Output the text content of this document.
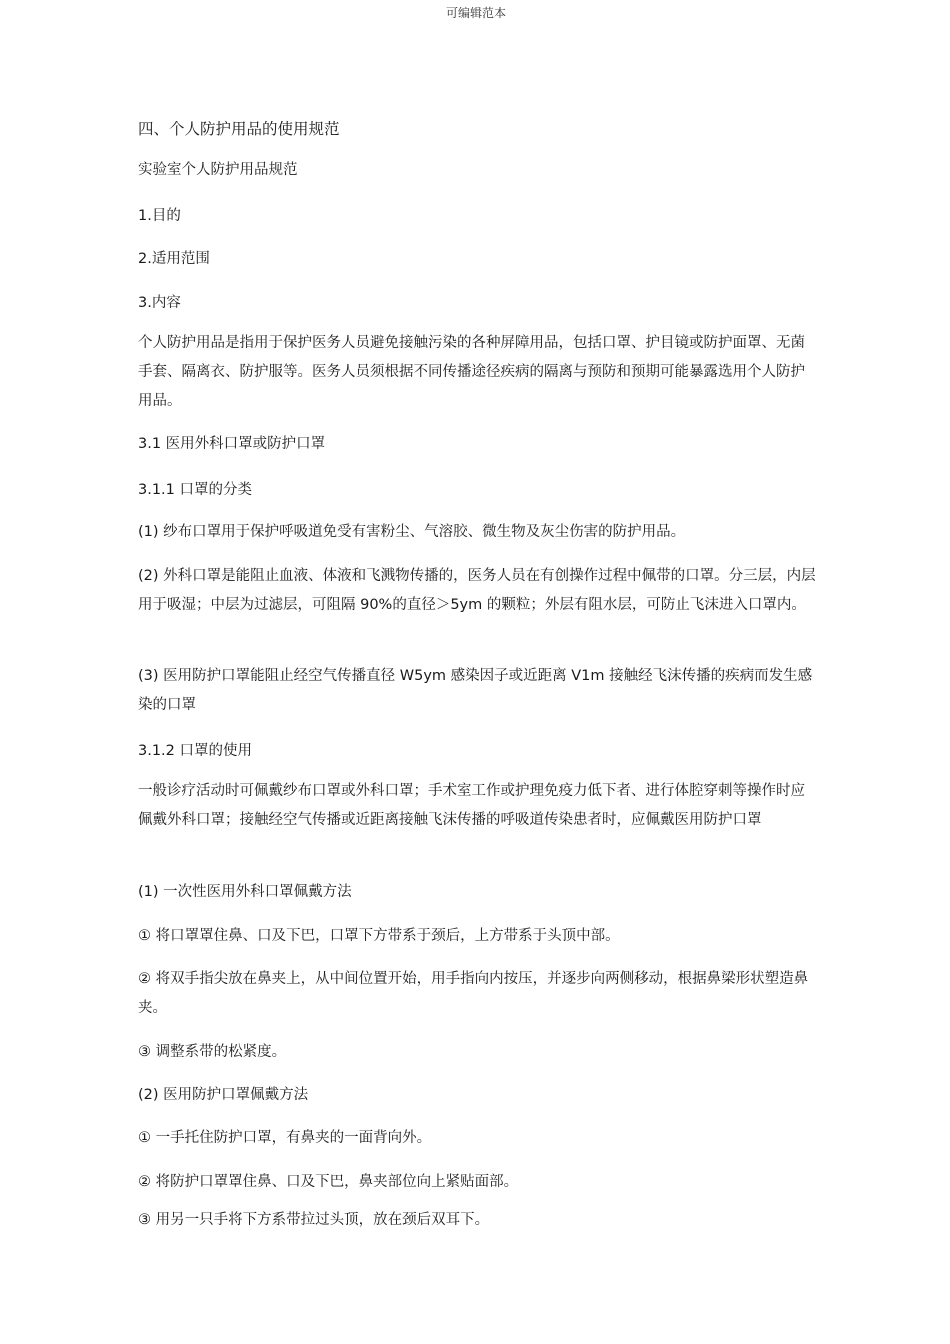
可编辑范本
四、个人防护用品的使用规范
实验室个人防护用品规范
1.目的
2.适用范围
3.内容
个人防护用品是指用于保护医务人员避免接触污染的各种屏障用品，包括口罩、护目镜或防护面罩、无菌手套、隔离衣、防护服等。医务人员须根据不同传播途径疾病的隔离与预防和预期可能暴露选用个人防护用品。
3.1 医用外科口罩或防护口罩
3.1.1 口罩的分类
(1) 纱布口罩用于保护呼吸道免受有害粉尘、气溶胶、微生物及灰尘伤害的防护用品。
(2) 外科口罩是能阻止血液、体液和飞溅物传播的，医务人员在有创操作过程中佩带的口罩。分三层，内层用于吸湿；中层为过滤层，可阻隔 90%的直径＞5ym 的颗粒；外层有阻水层，可防止飞沫进入口罩内。
(3) 医用防护口罩能阻止经空气传播直径 W5ym 感染因子或近距离 V1m 接触经飞沫传播的疾病而发生感染的口罩
3.1.2 口罩的使用
一般诊疗活动时可佩戴纱布口罩或外科口罩；手术室工作或护理免疫力低下者、进行体腔穿刺等操作时应佩戴外科口罩；接触经空气传播或近距离接触飞沫传播的呼吸道传染患者时，应佩戴医用防护口罩
(1) 一次性医用外科口罩佩戴方法
① 将口罩罩住鼻、口及下巴，口罩下方带系于颈后，上方带系于头顶中部。
② 将双手指尖放在鼻夹上，从中间位置开始，用手指向内按压，并逐步向两侧移动，根据鼻梁形状塑造鼻夹。
③ 调整系带的松紧度。
(2) 医用防护口罩佩戴方法
① 一手托住防护口罩，有鼻夹的一面背向外。
② 将防护口罩罩住鼻、口及下巴，鼻夹部位向上紧贴面部。
③ 用另一只手将下方系带拉过头顶，放在颈后双耳下。
